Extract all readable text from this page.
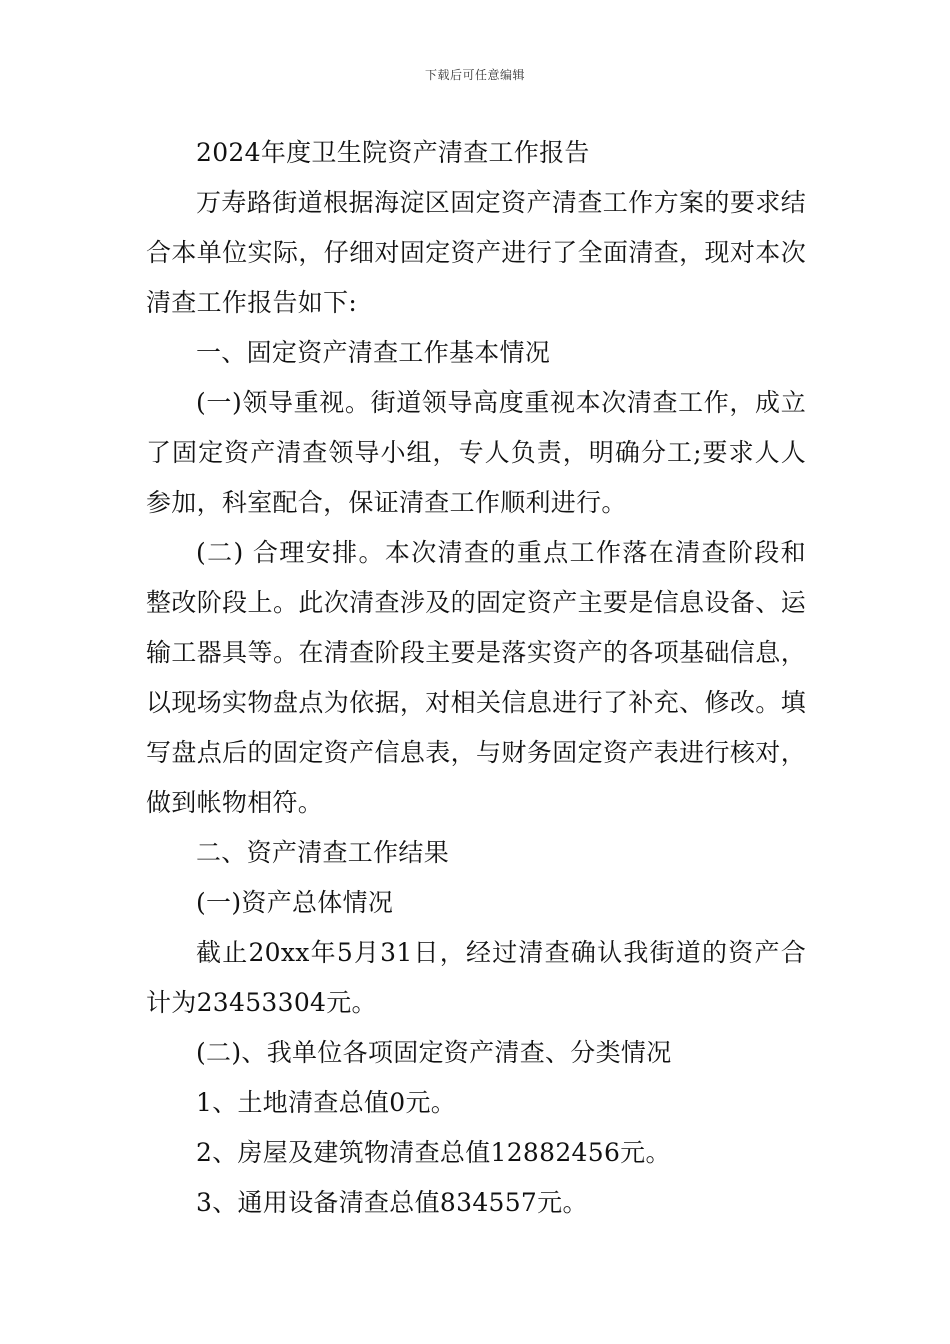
下载后可任意编辑

2024年度卫生院资产清查工作报告

万寿路街道根据海淀区固定资产清查工作方案的要求结合本单位实际，仔细对固定资产进行了全面清查，现对本次清查工作报告如下:

一、固定资产清查工作基本情况

(一)领导重视。街道领导高度重视本次清查工作，成立了固定资产清查领导小组，专人负责，明确分工;要求人人参加，科室配合，保证清查工作顺利进行。

(二) 合理安排。本次清查的重点工作落在清查阶段和整改阶段上。此次清查涉及的固定资产主要是信息设备、运输工器具等。在清查阶段主要是落实资产的各项基础信息，以现场实物盘点为依据，对相关信息进行了补充、修改。填写盘点后的固定资产信息表，与财务固定资产表进行核对，做到帐物相符。

二、资产清查工作结果

(一)资产总体情况

截止20xx年5月31日，经过清查确认我街道的资产合计为23453304元。

(二)、我单位各项固定资产清查、分类情况

1、土地清查总值0元。

2、房屋及建筑物清查总值12882456元。

3、通用设备清查总值834557元。
